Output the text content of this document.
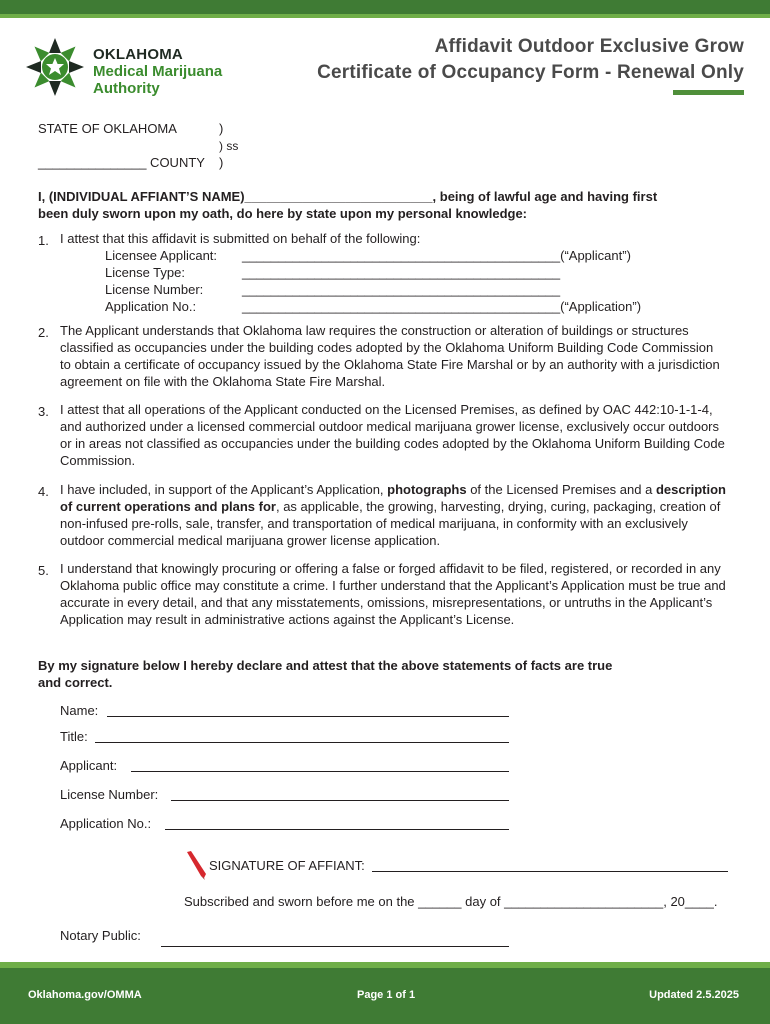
OKLAHOMA
Medical Marijuana
Authority
Affidavit Outdoor Exclusive Grow
Certificate of Occupancy Form - Renewal Only
STATE OF OKLAHOMA	)
) ss
_______________ COUNTY )
I, (INDIVIDUAL AFFIANT’S NAME)__________________________, being of lawful age and having first
been duly sworn upon my oath, do here by state upon my personal knowledge:
1. I attest that this affidavit is submitted on behalf of the following:
Licensee Applicant: ____________________________________________(“Applicant”)
License Type:	____________________________________________
License Number:	____________________________________________
Application No.:	____________________________________________(“Application”)
2. The Applicant understands that Oklahoma law requires the construction or alteration of buildings or structures classified as occupancies under the building codes adopted by the Oklahoma Uniform Building Code Commission to obtain a certificate of occupancy issued by the Oklahoma State Fire Marshal or by an authority with a jurisdiction agreement on file with the Oklahoma State Fire Marshal.
3. I attest that all operations of the Applicant conducted on the Licensed Premises, as defined by OAC 442:10-1-1-4, and authorized under a licensed commercial outdoor medical marijuana grower license, exclusively occur outdoors or in areas not classified as occupancies under the building codes adopted by the Oklahoma Uniform Building Code Commission.
4. I have included, in support of the Applicant’s Application, photographs of the Licensed Premises and a description of current operations and plans for, as applicable, the growing, harvesting, drying, curing, packaging, creation of non-infused pre-rolls, sale, transfer, and transportation of medical marijuana, in conformity with an exclusively outdoor commercial medical marijuana grower license application.
5. I understand that knowingly procuring or offering a false or forged affidavit to be filed, registered, or recorded in any Oklahoma public office may constitute a crime. I further understand that the Applicant’s Application must be true and accurate in every detail, and that any misstatements, omissions, misrepresentations, or untruths in the Applicant’s Application may result in administrative actions against the Applicant’s License.
By my signature below I hereby declare and attest that the above statements of facts are true
and correct.
Name:
Title:
Applicant:
License Number:
Application No.:
SIGNATURE OF AFFIANT:
Subscribed and sworn before me on the ______ day of ______________________, 20____.
Notary Public:
Oklahoma.gov/OMMA	Page 1 of 1	Updated 2.5.2025
